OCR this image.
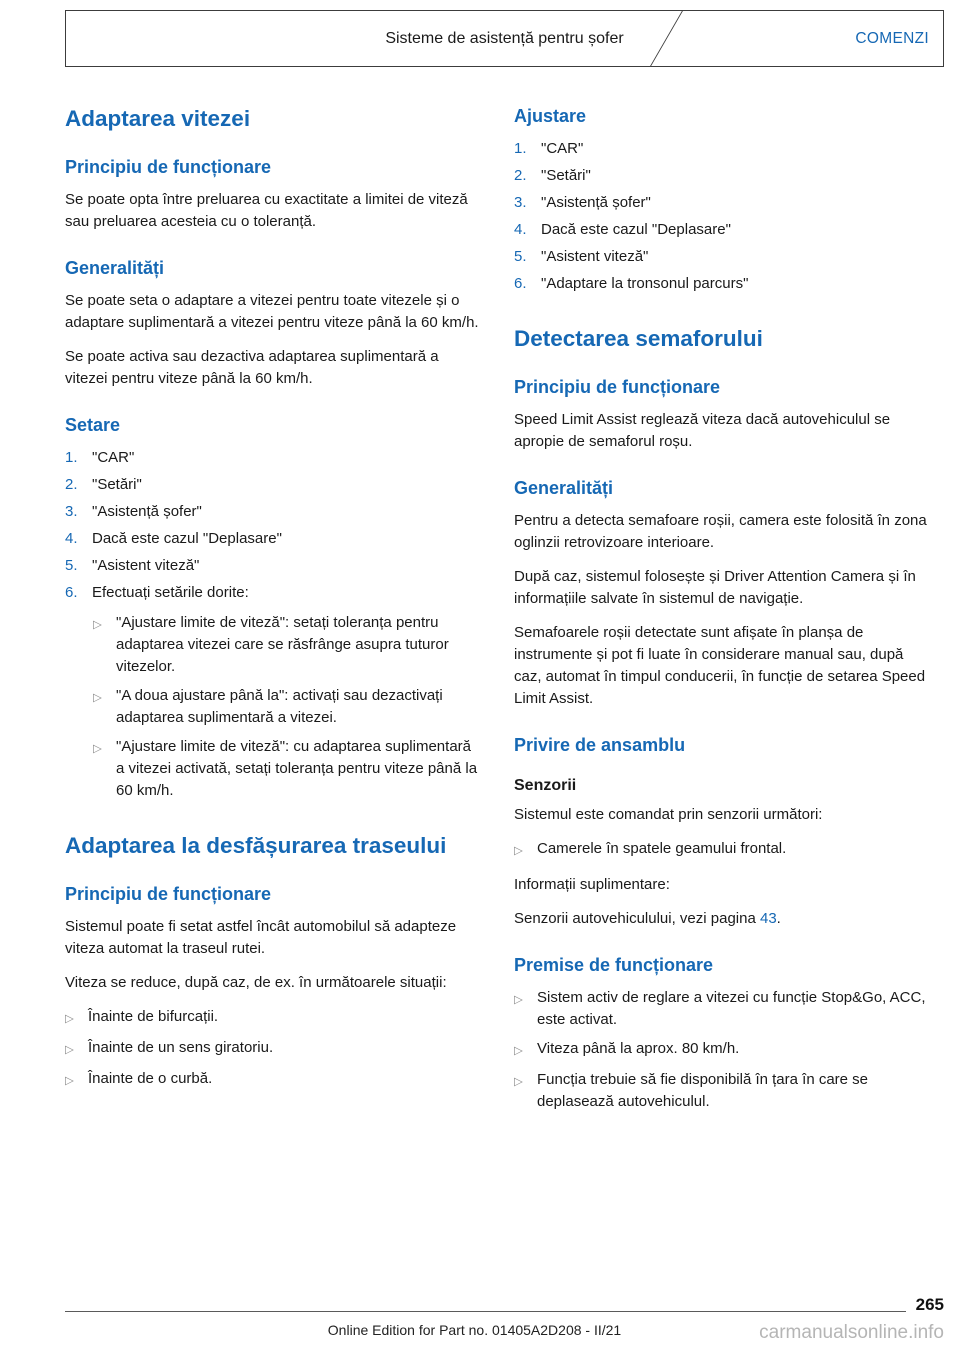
Sisteme de asistență pentru șofer	COMENZI
Adaptarea vitezei
Principiu de funcționare

Se poate opta între preluarea cu exactitate a limitei de viteză sau preluarea acesteia cu o toleranță.

Generalități

Se poate seta o adaptare a vitezei pentru toate vitezele și o adaptare suplimentară a vitezei pentru viteze până la 60 km/h.

Se poate activa sau dezactiva adaptarea suplimentară a vitezei pentru viteze până la 60 km/h.

Setare
1. "CAR"
2. "Setări"
3. "Asistență șofer"
4. Dacă este cazul "Deplasare"
5. "Asistent viteză"
6. Efectuați setările dorite:
▷ "Ajustare limite de viteză": setați toleranța pentru adaptarea vitezei care se răsfrânge asupra tuturor vitezelor.
▷ "A doua ajustare până la": activați sau dezactivați adaptarea suplimentară a vitezei.
▷ "Ajustare limite de viteză": cu adaptarea suplimentară a vitezei activată, setați toleranța pentru viteze până la 60 km/h.
Adaptarea la desfășurarea traseului
Principiu de funcționare

Sistemul poate fi setat astfel încât automobilul să adapteze viteza automat la traseul rutei.

Viteza se reduce, după caz, de ex. în următoarele situații:

▷ Înainte de bifurcații.
▷ Înainte de un sens giratoriu.
▷ Înainte de o curbă.
Ajustare
1. "CAR"
2. "Setări"
3. "Asistență șofer"
4. Dacă este cazul "Deplasare"
5. "Asistent viteză"
6. "Adaptare la tronsonul parcurs"
Detectarea semaforului
Principiu de funcționare

Speed Limit Assist reglează viteza dacă autovehiculul se apropie de semaforul roșu.

Generalități

Pentru a detecta semafoare roșii, camera este folosită în zona oglinzii retrovizoare interioare.

După caz, sistemul folosește și Driver Attention Camera și în informațiile salvate în sistemul de navigație.

Semafoarele roșii detectate sunt afișate în planșa de instrumente și pot fi luate în considerare manual sau, după caz, automat în timpul conducerii, în funcție de setarea Speed Limit Assist.

Privire de ansamblu
Senzorii

Sistemul este comandat prin senzorii următori:

▷ Camerele în spatele geamului frontal.

Informații suplimentare:

Senzorii autovehiculului, vezi pagina 43.

Premise de funcționare
▷ Sistem activ de reglare a vitezei cu funcție Stop&Go, ACC, este activat.
▷ Viteza până la aprox. 80 km/h.
▷ Funcția trebuie să fie disponibilă în țara în care se deplasează autovehiculul.
265
Online Edition for Part no. 01405A2D208 - II/21	carmanualsonline.info
